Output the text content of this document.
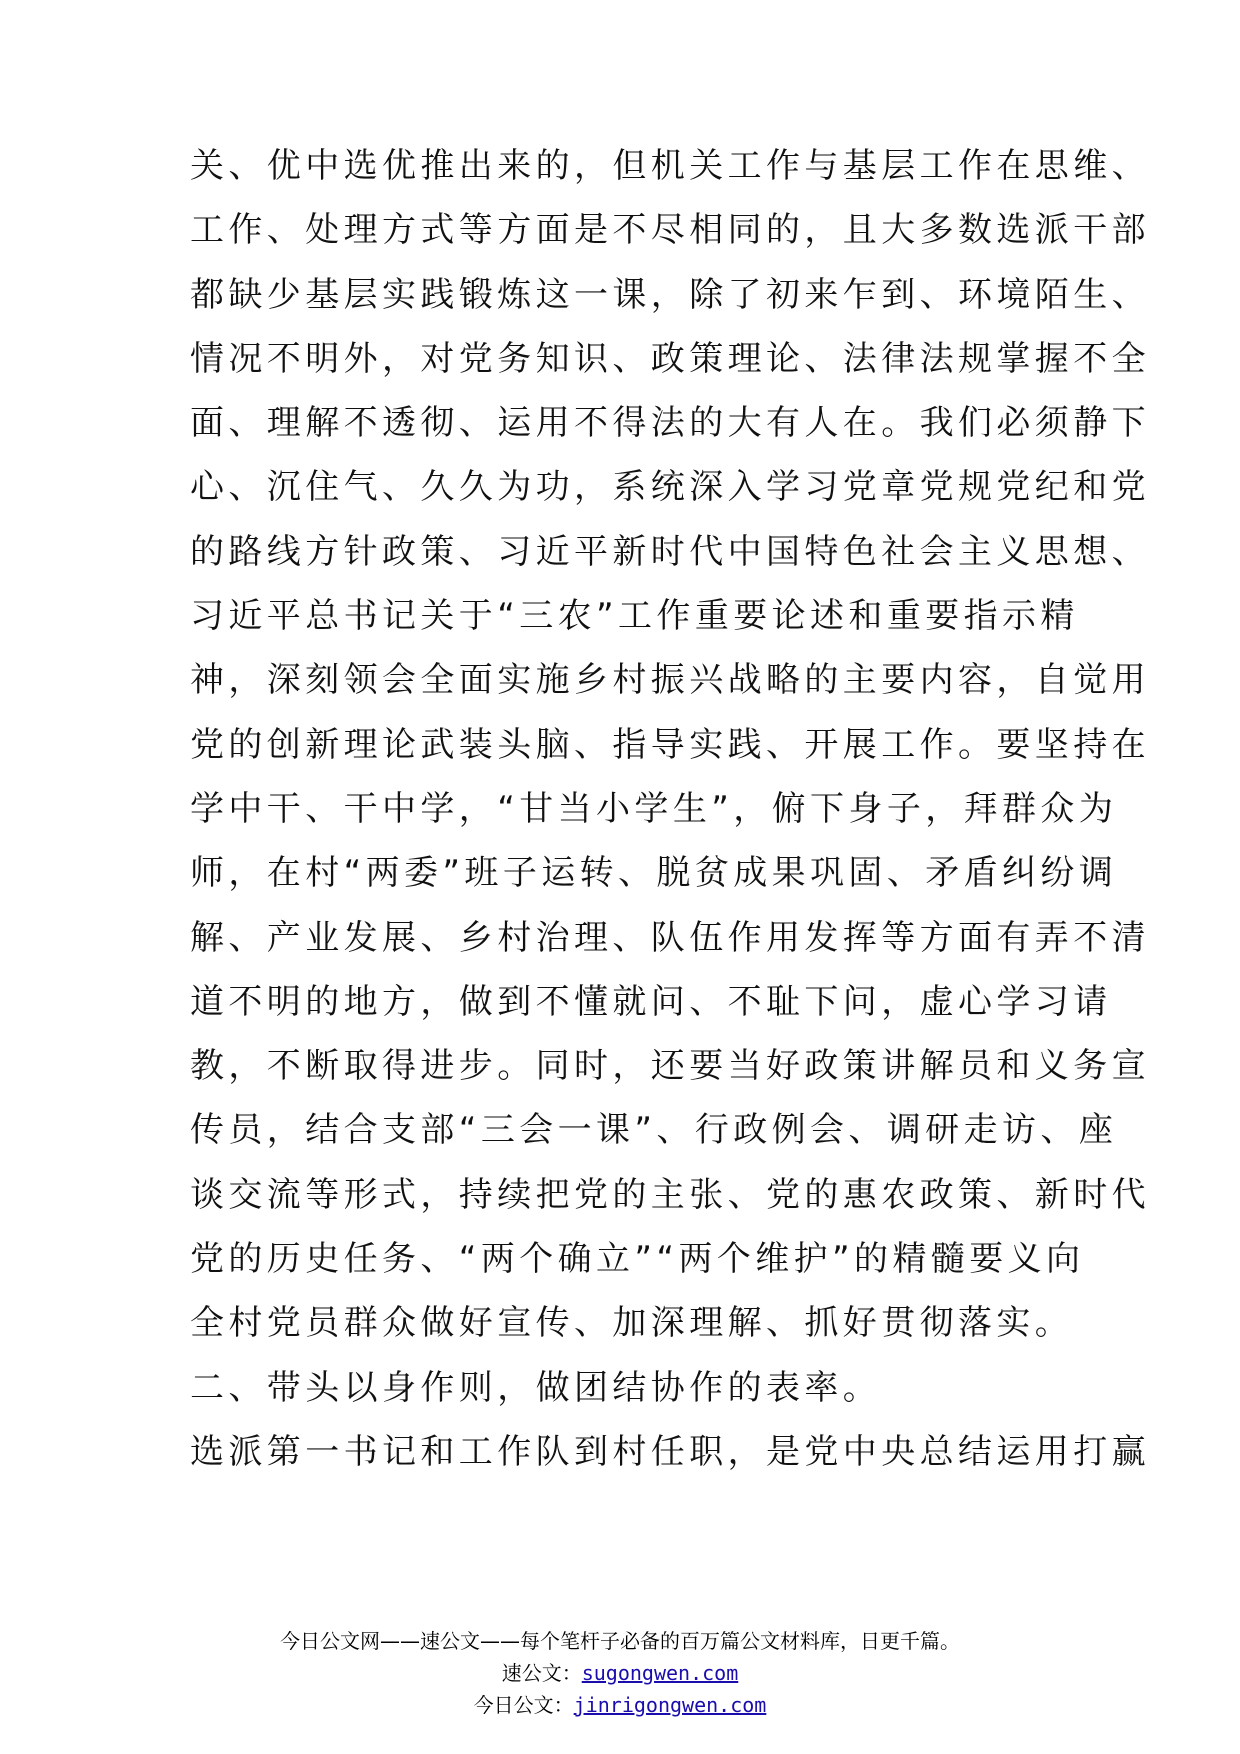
关、优中选优推出来的，但机关工作与基层工作在思维、
工作、处理方式等方面是不尽相同的，且大多数选派干部
都缺少基层实践锻炼这一课，除了初来乍到、环境陌生、
情况不明外，对党务知识、政策理论、法律法规掌握不全
面、理解不透彻、运用不得法的大有人在。我们必须静下
心、沉住气、久久为功，系统深入学习党章党规党纪和党
的路线方针政策、习近平新时代中国特色社会主义思想、
习近平总书记关于“三农”工作重要论述和重要指示精
神，深刻领会全面实施乡村振兴战略的主要内容，自觉用
党的创新理论武装头脑、指导实践、开展工作。要坚持在
学中干、干中学，“甘当小学生”，俯下身子，拜群众为
师，在村“两委”班子运转、脱贫成果巩固、矛盾纠纷调
解、产业发展、乡村治理、队伍作用发挥等方面有弄不清
道不明的地方，做到不懂就问、不耻下问，虚心学习请
教，不断取得进步。同时，还要当好政策讲解员和义务宣
传员，结合支部“三会一课”、行政例会、调研走访、座
谈交流等形式，持续把党的主张、党的惠农政策、新时代
党的历史任务、“两个确立”“两个维护”的精髓要义向
全村党员群众做好宣传、加深理解、抓好贯彻落实。
二、带头以身作则，做团结协作的表率。
选派第一书记和工作队到村任职，是党中央总结运用打赢
今日公文网——速公文——每个笔杆子必备的百万篇公文材料库，日更千篇。
速公文：sugongwen.com
今日公文：jinrigongwen.com
